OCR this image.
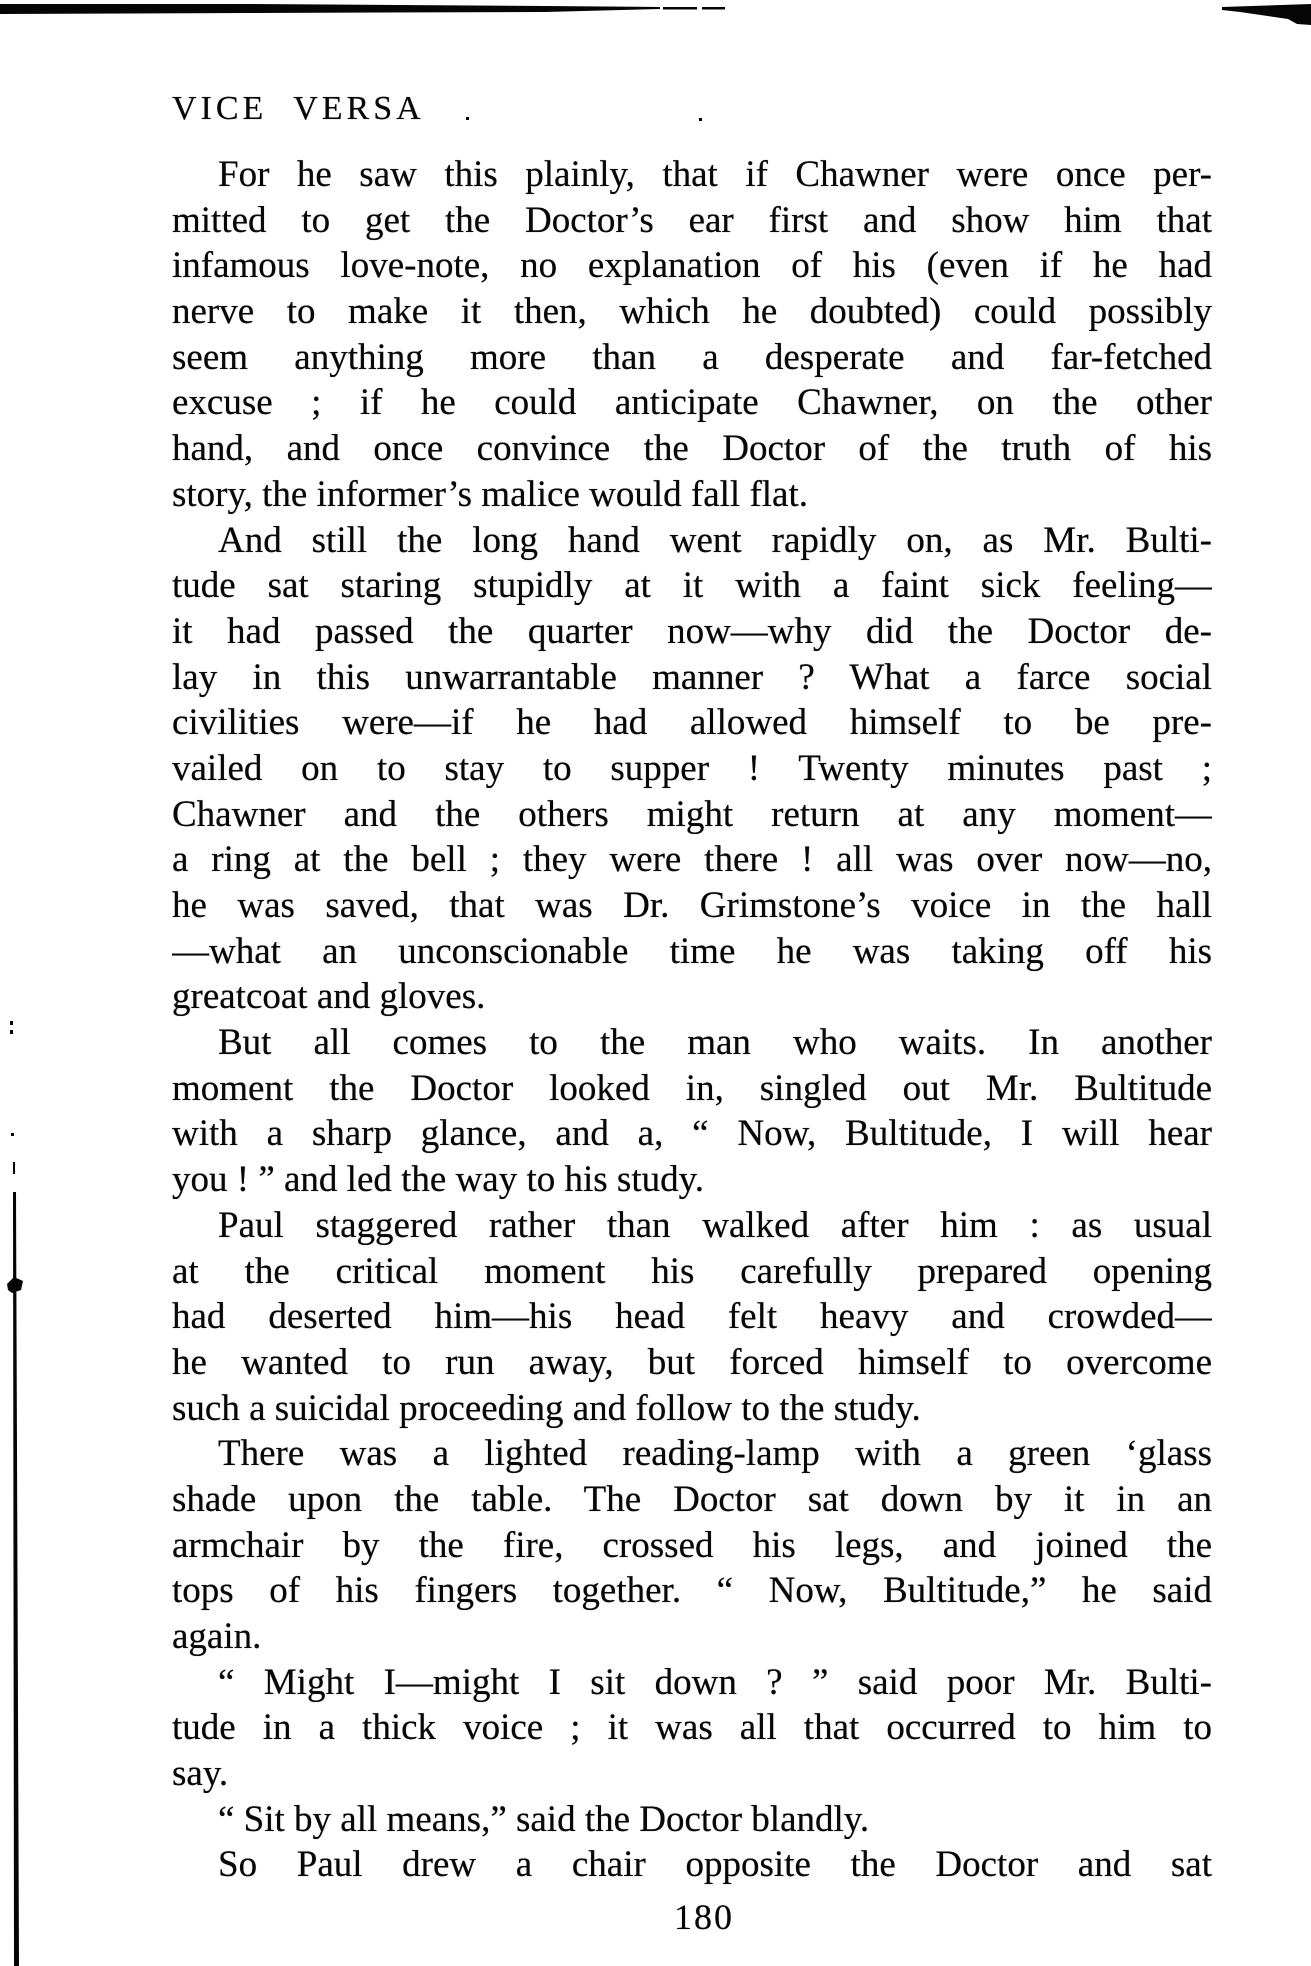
VICE VERSA
For he saw this plainly, that if Chawner were once per-
mitted to get the Doctor’s ear first and show him that
infamous love-note, no explanation of his (even if he had
nerve to make it then, which he doubted) could possibly
seem anything more than a desperate and far-fetched
excuse ; if he could anticipate Chawner, on the other
hand, and once convince the Doctor of the truth of his
story, the informer’s malice would fall flat.
And still the long hand went rapidly on, as Mr. Bulti-
tude sat staring stupidly at it with a faint sick feeling—
it had passed the quarter now—why did the Doctor de-
lay in this unwarrantable manner ? What a farce social
civilities were—if he had allowed himself to be pre-
vailed on to stay to supper ! Twenty minutes past ;
Chawner and the others might return at any moment—
a ring at the bell ; they were there ! all was over now—no,
he was saved, that was Dr. Grimstone’s voice in the hall
—what an unconscionable time he was taking off his
greatcoat and gloves.
But all comes to the man who waits. In another
moment the Doctor looked in, singled out Mr. Bultitude
with a sharp glance, and a, “ Now, Bultitude, I will hear
you ! ” and led the way to his study.
Paul staggered rather than walked after him : as usual
at the critical moment his carefully prepared opening
had deserted him—his head felt heavy and crowded—
he wanted to run away, but forced himself to overcome
such a suicidal proceeding and follow to the study.
There was a lighted reading-lamp with a green ‘glass
shade upon the table. The Doctor sat down by it in an
armchair by the fire, crossed his legs, and joined the
tops of his fingers together. “ Now, Bultitude,” he said
again.
“ Might I—might I sit down ? ” said poor Mr. Bulti-
tude in a thick voice ; it was all that occurred to him to
say.
“ Sit by all means,” said the Doctor blandly.
So Paul drew a chair opposite the Doctor and sat
180
